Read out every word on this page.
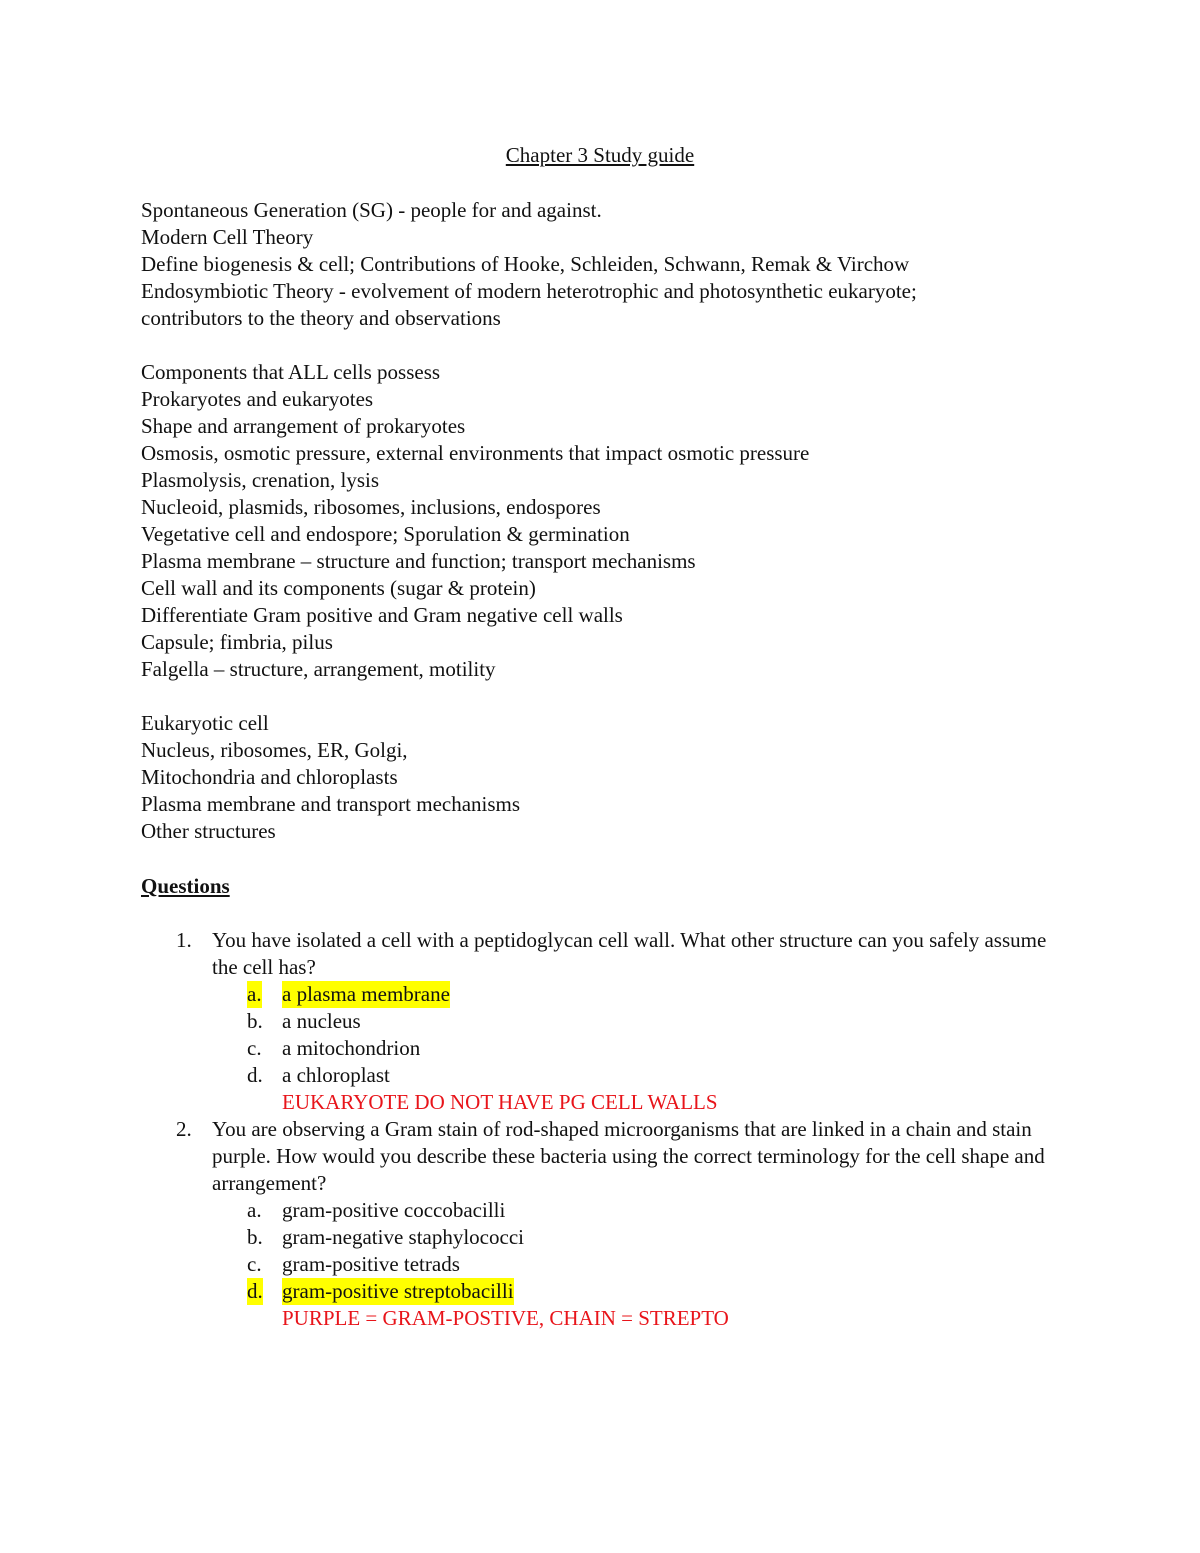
Chapter 3 Study guide
Spontaneous Generation (SG) - people for and against.
Modern Cell Theory
Define biogenesis & cell; Contributions of Hooke, Schleiden, Schwann, Remak & Virchow
Endosymbiotic Theory - evolvement of modern heterotrophic and photosynthetic eukaryote;
contributors to the theory and observations
Components that ALL cells possess
Prokaryotes and eukaryotes
Shape and arrangement of prokaryotes
Osmosis, osmotic pressure, external environments that impact osmotic pressure
Plasmolysis, crenation, lysis
Nucleoid, plasmids, ribosomes, inclusions, endospores
Vegetative cell and endospore; Sporulation & germination
Plasma membrane – structure and function; transport mechanisms
Cell wall and its components (sugar & protein)
Differentiate Gram positive and Gram negative cell walls
Capsule; fimbria, pilus
Falgella – structure, arrangement, motility
Eukaryotic cell
Nucleus, ribosomes, ER, Golgi,
Mitochondria and chloroplasts
Plasma membrane and transport mechanisms
Other structures
Questions
1. You have isolated a cell with a peptidoglycan cell wall. What other structure can you safely assume the cell has?
a. a plasma membrane
b. a nucleus
c. a mitochondrion
d. a chloroplast
EUKARYOTE DO NOT HAVE PG CELL WALLS
2. You are observing a Gram stain of rod-shaped microorganisms that are linked in a chain and stain purple. How would you describe these bacteria using the correct terminology for the cell shape and arrangement?
a. gram-positive coccobacilli
b. gram-negative staphylococci
c. gram-positive tetrads
d. gram-positive streptobacilli
PURPLE = GRAM-POSTIVE, CHAIN = STREPTO
